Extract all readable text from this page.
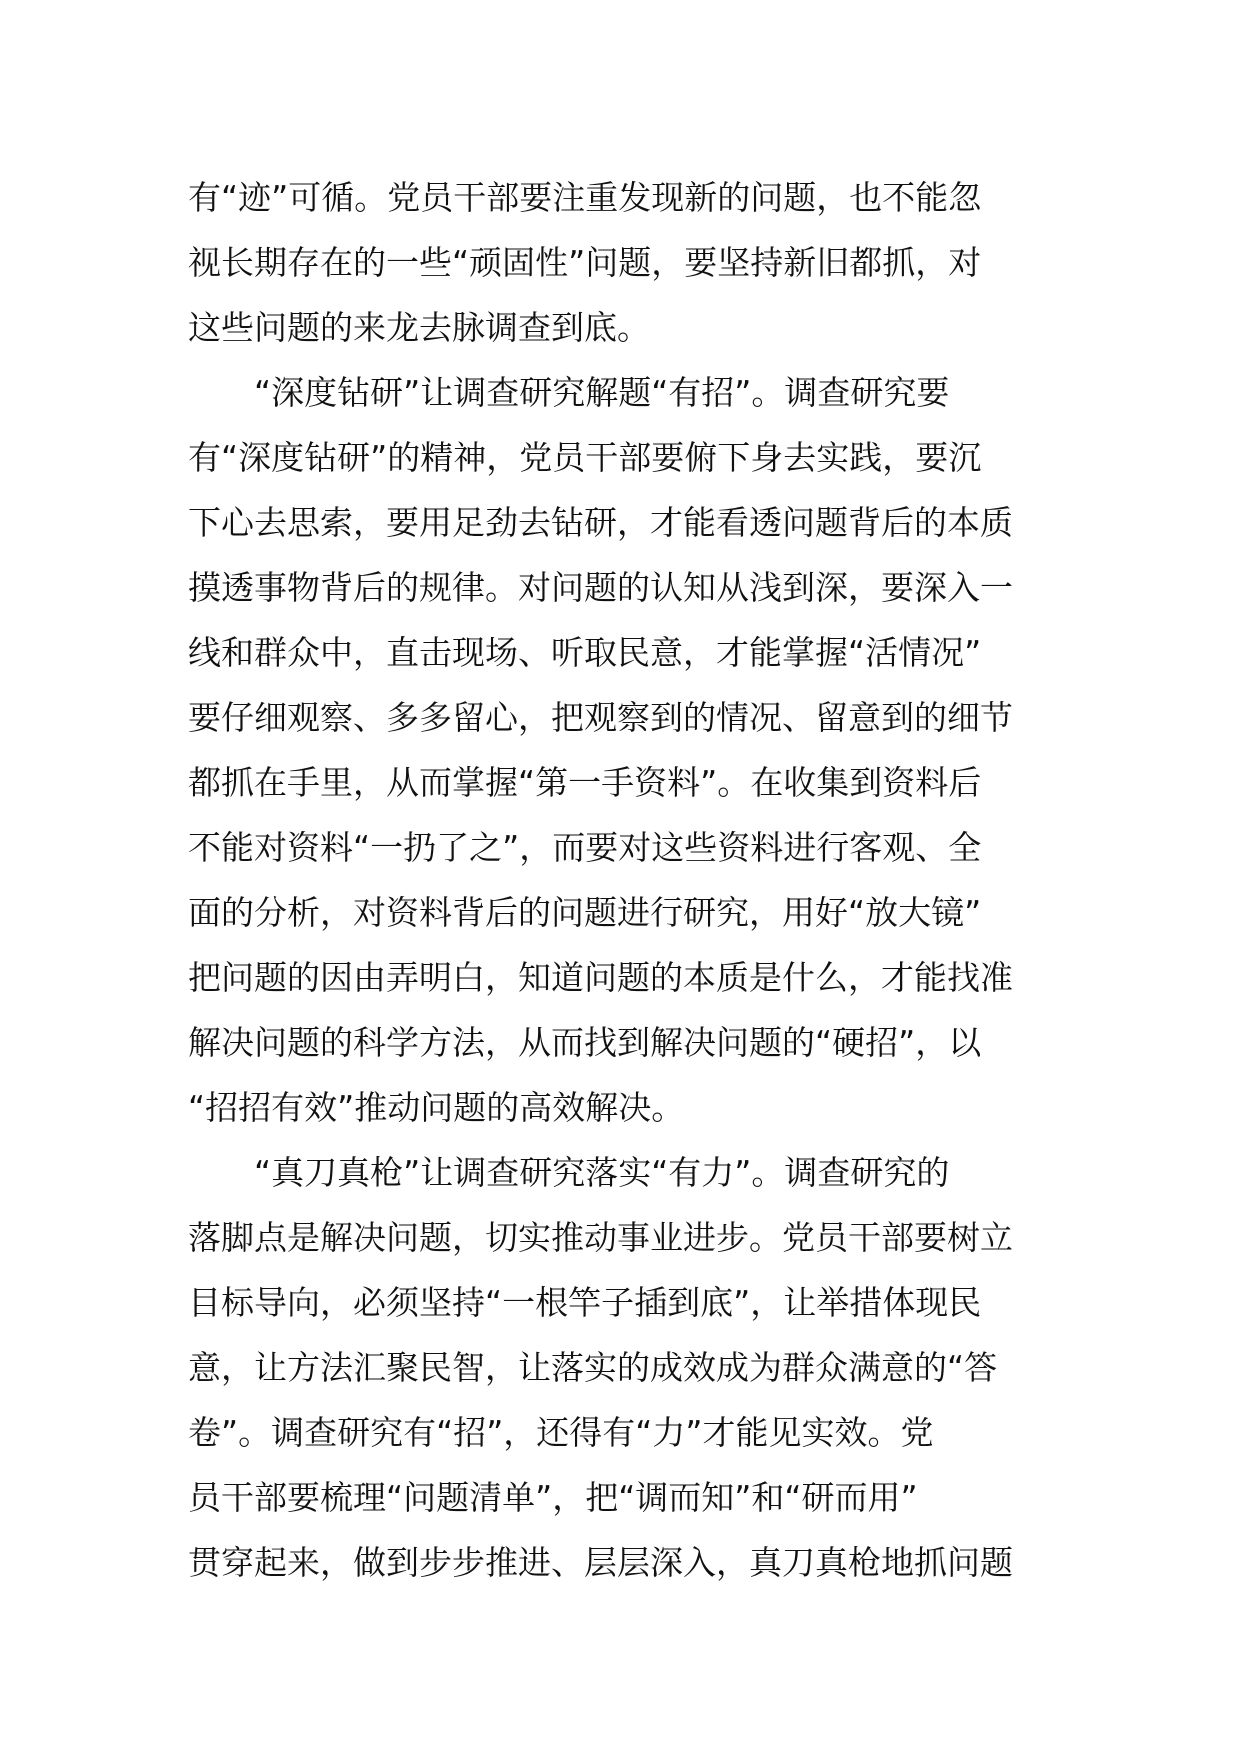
有“迹”可循。党员干部要注重发现新的问题，也不能忽
视长期存在的一些“顽固性”问题，要坚持新旧都抓，对
这些问题的来龙去脉调查到底。
　　“深度钻研”让调查研究解题“有招”。调查研究要
有“深度钻研”的精神，党员干部要俯下身去实践，要沉
下心去思索，要用足劲去钻研，才能看透问题背后的本质
摸透事物背后的规律。对问题的认知从浅到深，要深入一
线和群众中，直击现场、听取民意，才能掌握“活情况”
要仔细观察、多多留心，把观察到的情况、留意到的细节
都抓在手里，从而掌握“第一手资料”。在收集到资料后
不能对资料“一扔了之”，而要对这些资料进行客观、全
面的分析，对资料背后的问题进行研究，用好“放大镜”
把问题的因由弄明白，知道问题的本质是什么，才能找准
解决问题的科学方法，从而找到解决问题的“硬招”，以
“招招有效”推动问题的高效解决。
　　“真刀真枪”让调查研究落实“有力”。调查研究的
落脚点是解决问题，切实推动事业进步。党员干部要树立
目标导向，必须坚持“一根竿子插到底”，让举措体现民
意，让方法汇聚民智，让落实的成效成为群众满意的“答
卷”。调查研究有“招”，还得有“力”才能见实效。党
员干部要梳理“问题清单”，把“调而知”和“研而用”
贯穿起来，做到步步推进、层层深入，真刀真枪地抓问题
